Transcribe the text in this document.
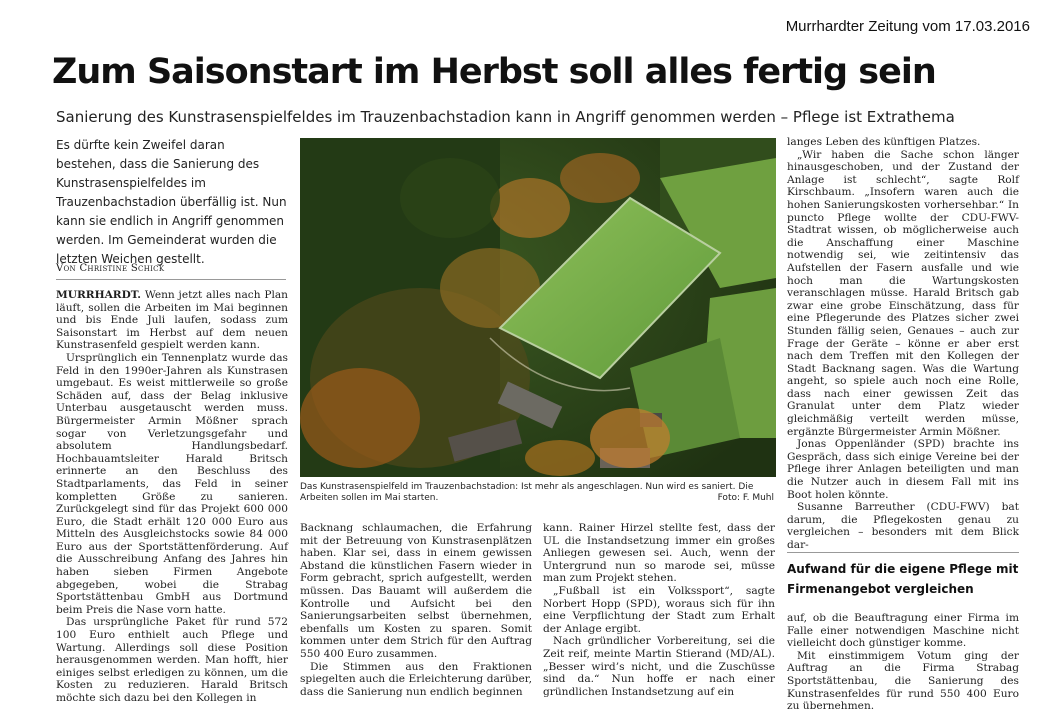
Murrhardter Zeitung vom 17.03.2016
Zum Saisonstart im Herbst soll alles fertig sein
Sanierung des Kunstrasenspielfeldes im Trauzenbachstadion kann in Angriff genommen werden – Pflege ist Extrathema
Es dürfte kein Zweifel daran bestehen, dass die Sanierung des Kunstrasenspielfeldes im Trauzenbachstadion überfällig ist. Nun kann sie endlich in Angriff genommen werden. Im Gemeinderat wurden die letzten Weichen gestellt.
Von Christine Schick

MURRHARDT. Wenn jetzt alles nach Plan läuft, sollen die Arbeiten im Mai beginnen und bis Ende Juli laufen, sodass zum Saisonstart im Herbst auf dem neuen Kunstrasenfeld gespielt werden kann.

Ursprünglich ein Tennenplatz wurde das Feld in den 1990er-Jahren als Kunstrasen umgebaut. Es weist mittlerweile so große Schäden auf, dass der Belag inklusive Unterbau ausgetauscht werden muss. Bürgermeister Armin Mößner sprach sogar von Verletzungsgefahr und absolutem Handlungsbedarf. Hochbauamtsleiter Harald Britsch erinnerte an den Beschluss des Stadtparlaments, das Feld in seiner kompletten Größe zu sanieren. Zurückgelegt sind für das Projekt 600 000 Euro, die Stadt erhält 120 000 Euro aus Mitteln des Ausgleichstocks sowie 84 000 Euro aus der Sportstättenförderung. Auf die Ausschreibung Anfang des Jahres hin haben sieben Firmen Angebote abgegeben, wobei die Strabag Sportstättenbau GmbH aus Dortmund beim Preis die Nase vorn hatte.

Das ursprüngliche Paket für rund 572 100 Euro enthielt auch Pflege und Wartung. Allerdings soll diese Position herausgenommen werden. Man hofft, hier einiges selbst erledigen zu können, um die Kosten zu reduzieren. Harald Britsch möchte sich dazu bei den Kollegen in

Das Kunstrasenspielfeld im Trauzenbachstadion: Ist mehr als angeschlagen. Nun wird es saniert. Die Arbeiten sollen im Mai starten.	Foto: F. Muhl

Backnang schlaumachen, die Erfahrung mit der Betreuung von Kunstrasenplätzen haben. Klar sei, dass in einem gewissen Abstand die künstlichen Fasern wieder in Form gebracht, sprich aufgestellt, werden müssen. Das Bauamt will außerdem die Kontrolle und Aufsicht bei den Sanierungsarbeiten selbst übernehmen, ebenfalls um Kosten zu sparen. Somit kommen unter dem Strich für den Auftrag 550 400 Euro zusammen.

Die Stimmen aus den Fraktionen spiegelten auch die Erleichterung darüber, dass die Sanierung nun endlich beginnen

kann. Rainer Hirzel stellte fest, dass der UL die Instandsetzung immer ein großes Anliegen gewesen sei. Auch, wenn der Untergrund nun so marode sei, müsse man zum Projekt stehen.

„Fußball ist ein Volkssport“, sagte Norbert Hopp (SPD), woraus sich für ihn eine Verpflichtung der Stadt zum Erhalt der Anlage ergibt.

Nach gründlicher Vorbereitung, sei die Zeit reif, meinte Martin Stierand (MD/AL). „Besser wird’s nicht, und die Zuschüsse sind da.“ Nun hoffe er nach einer gründlichen Instandsetzung auf ein

langes Leben des künftigen Platzes.

„Wir haben die Sache schon länger hinausgeschoben, und der Zustand der Anlage ist schlecht“, sagte Rolf Kirschbaum. „Insofern waren auch die hohen Sanierungskosten vorhersehbar.“ In puncto Pflege wollte der CDU-FWV-Stadtrat wissen, ob möglicherweise auch die Anschaffung einer Maschine notwendig sei, wie zeitintensiv das Aufstellen der Fasern ausfalle und wie hoch man die Wartungskosten veranschlagen müsse. Harald Britsch gab zwar eine grobe Einschätzung, dass für eine Pflegerunde des Platzes sicher zwei Stunden fällig seien, Genaues – auch zur Frage der Geräte – könne er aber erst nach dem Treffen mit den Kollegen der Stadt Backnang sagen. Was die Wartung angeht, so spiele auch noch eine Rolle, dass nach einer gewissen Zeit das Granulat unter dem Platz wieder gleichmäßig verteilt werden müsse, ergänzte Bürgermeister Armin Mößner.

Jonas Oppenländer (SPD) brachte ins Gespräch, dass sich einige Vereine bei der Pflege ihrer Anlagen beteiligten und man die Nutzer auch in diesem Fall mit ins Boot holen könnte.

Susanne Barreuther (CDU-FWV) bat darum, die Pflegekosten genau zu vergleichen – besonders mit dem Blick dar-

Aufwand für die eigene Pflege mit Firmenangebot vergleichen

auf, ob die Beauftragung einer Firma im Falle einer notwendigen Maschine nicht vielleicht doch günstiger komme.

Mit einstimmigem Votum ging der Auftrag an die Firma Strabag Sportstättenbau, die Sanierung des Kunstrasenfeldes für rund 550 400 Euro zu übernehmen.
